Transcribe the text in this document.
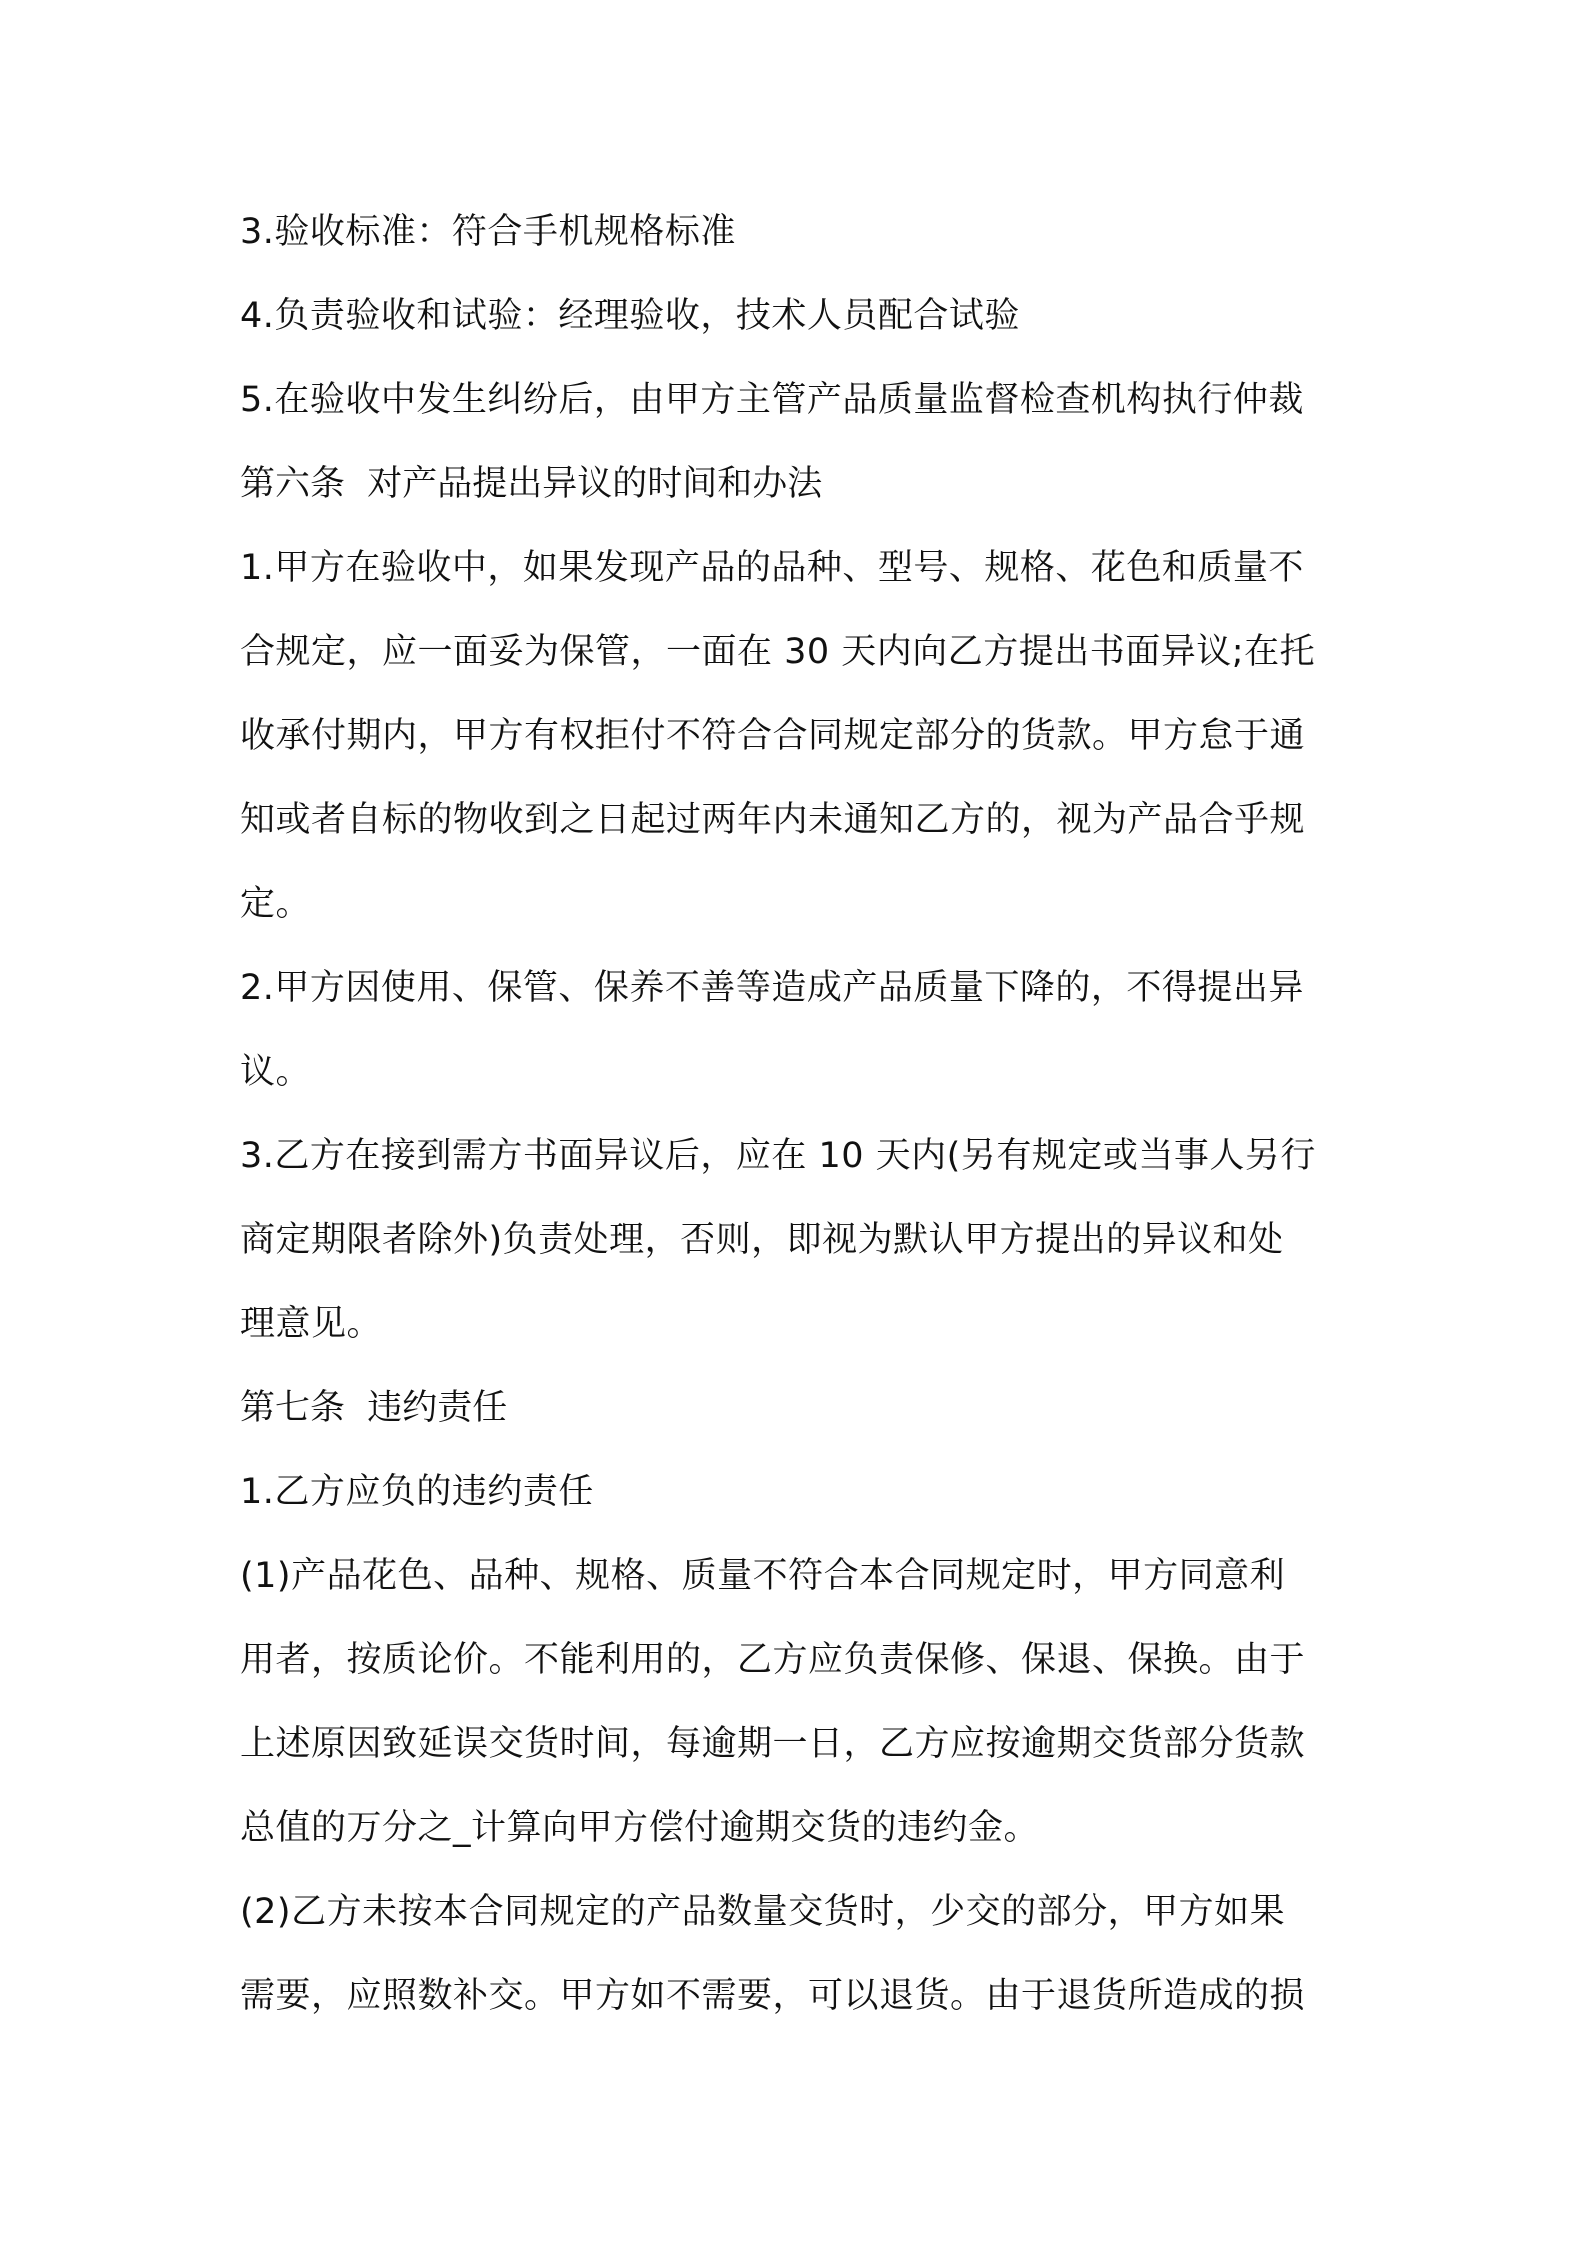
3.验收标准：符合手机规格标准
4.负责验收和试验：经理验收，技术人员配合试验
5.在验收中发生纠纷后，由甲方主管产品质量监督检查机构执行仲裁
第六条  对产品提出异议的时间和办法
1.甲方在验收中，如果发现产品的品种、型号、规格、花色和质量不
合规定，应一面妥为保管，一面在 30 天内向乙方提出书面异议;在托
收承付期内，甲方有权拒付不符合合同规定部分的货款。甲方怠于通
知或者自标的物收到之日起过两年内未通知乙方的，视为产品合乎规
定。
2.甲方因使用、保管、保养不善等造成产品质量下降的，不得提出异
议。
3.乙方在接到需方书面异议后，应在 10 天内(另有规定或当事人另行
商定期限者除外)负责处理，否则，即视为默认甲方提出的异议和处
理意见。
第七条  违约责任
1.乙方应负的违约责任
(1)产品花色、品种、规格、质量不符合本合同规定时，甲方同意利
用者，按质论价。不能利用的，乙方应负责保修、保退、保换。由于
上述原因致延误交货时间，每逾期一日，乙方应按逾期交货部分货款
总值的万分之_计算向甲方偿付逾期交货的违约金。
(2)乙方未按本合同规定的产品数量交货时，少交的部分，甲方如果
需要，应照数补交。甲方如不需要，可以退货。由于退货所造成的损
